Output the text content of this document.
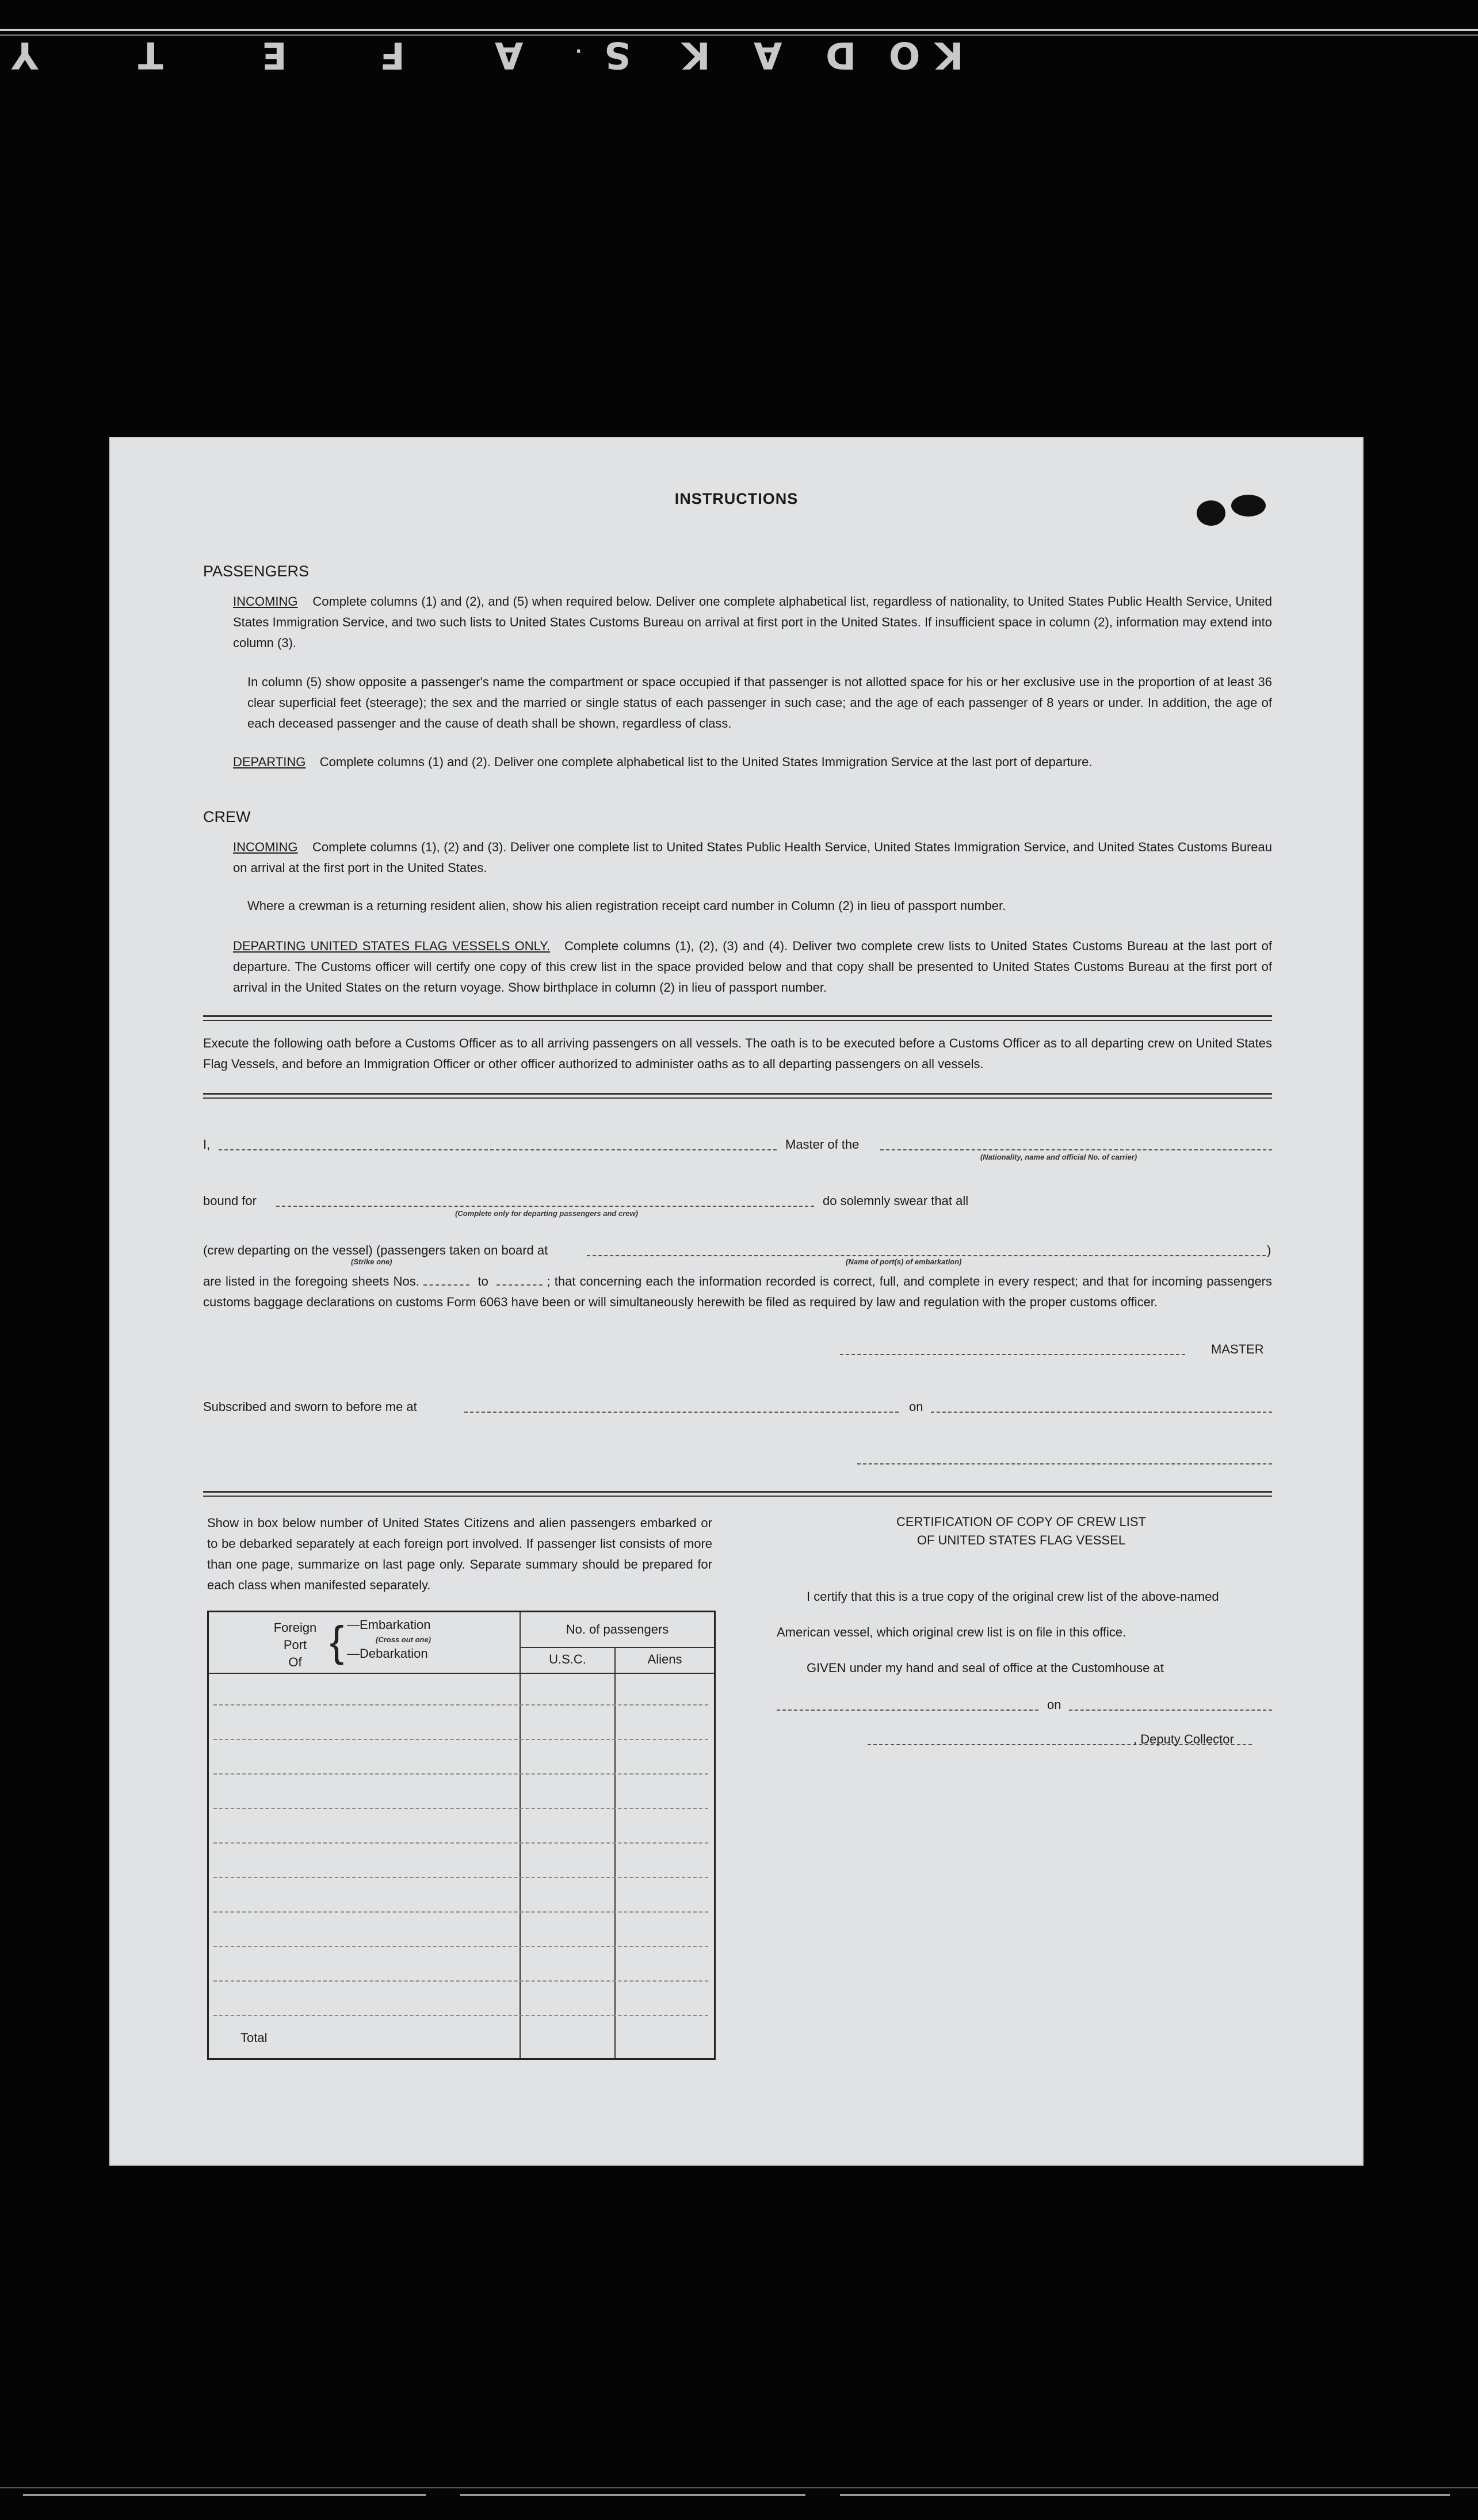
Y	T	E	F A	. S K A D O K
INSTRUCTIONS
PASSENGERS
INCOMING Complete columns (1) and (2), and (5) when required below. Deliver one complete alphabetical list, regardless of nationality, to United States Public Health Service, United States Immigration Service, and two such lists to United States Customs Bureau on arrival at first port in the United States. If insufficient space in column (2), information may extend into column (3).
In column (5) show opposite a passenger's name the compartment or space occupied if that passenger is not allotted space for his or her exclusive use in the proportion of at least 36 clear superficial feet (steerage); the sex and the married or single status of each passenger in such case; and the age of each passenger of 8 years or under. In addition, the age of each deceased passenger and the cause of death shall be shown, regardless of class.
DEPARTING Complete columns (1) and (2). Deliver one complete alphabetical list to the United States Immigration Service at the last port of departure.
CREW
INCOMING Complete columns (1), (2) and (3). Deliver one complete list to United States Public Health Service, United States Immigration Service, and United States Customs Bureau on arrival at the first port in the United States.
Where a crewman is a returning resident alien, show his alien registration receipt card number in Column (2) in lieu of passport number.
DEPARTING UNITED STATES FLAG VESSELS ONLY. Complete columns (1), (2), (3) and (4). Deliver two complete crew lists to United States Customs Bureau at the last port of departure. The Customs officer will certify one copy of this crew list in the space provided below and that copy shall be presented to United States Customs Bureau at the first port of arrival in the United States on the return voyage. Show birthplace in column (2) in lieu of passport number.
Execute the following oath before a Customs Officer as to all arriving passengers on all vessels. The oath is to be executed before a Customs Officer as to all departing crew on United States Flag Vessels, and before an Immigration Officer or other officer authorized to administer oaths as to all departing passengers on all vessels.
I,	Master of the
(Nationality, name and official No. of carrier)
bound for
(Complete only for departing passengers and crew)
do solemnly swear that all
(crew departing on the vessel) (passengers taken on board at	)
(Strike one)	(Name of port(s) of embarkation)
are listed in the foregoing sheets Nos.	to	; that concerning each the information recorded is correct, full, and complete in every respect; and that for incoming passengers customs baggage declarations on customs Form 6063 have been or will simultaneously herewith be filed as required by law and regulation with the proper customs officer.
MASTER
Subscribed and sworn to before me at	on
Show in box below number of United States Citizens and alien passengers embarked or to be debarked separately at each foreign port involved. If passenger list consists of more than one page, summarize on last page only. Separate summary should be prepared for each class when manifested separately.
Foreign
Port
Of { —Embarkation
(Cross out one)
—Debarkation
No. of passengers
U.S.C.	Aliens
Total
CERTIFICATION OF COPY OF CREW LIST
OF UNITED STATES FLAG VESSEL
I certify that this is a true copy of the original crew list of the above-named
American vessel, which original crew list is on file in this office.
GIVEN under my hand and seal of office at the Customhouse at
on
, Deputy Collector
